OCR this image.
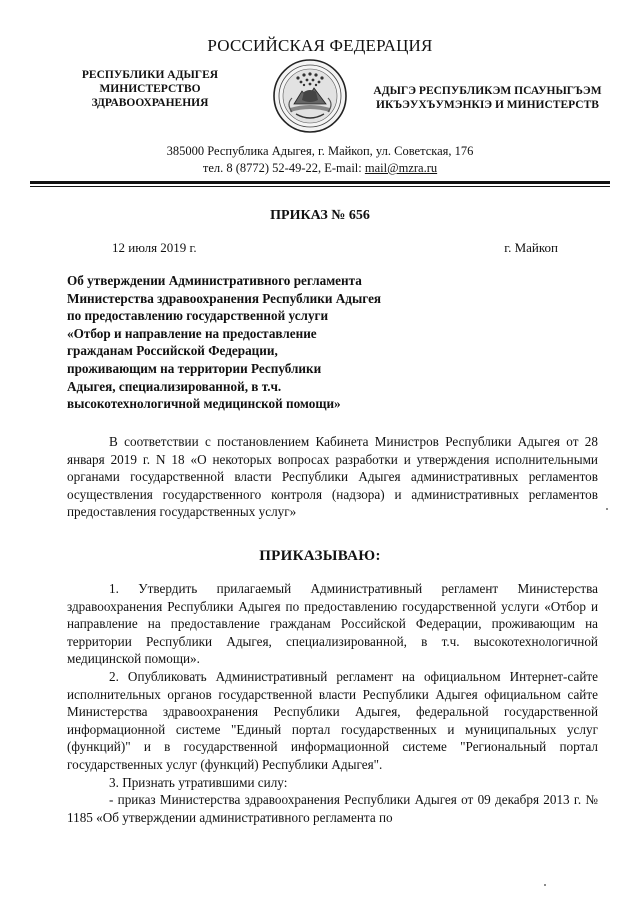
РОССИЙСКАЯ ФЕДЕРАЦИЯ
РЕСПУБЛИКИ АДЫГЕЯ
МИНИСТЕРСТВО ЗДРАВООХРАНЕНИЯ
АДЫГЭ РЕСПУБЛИКЭМ ПСАУНЫГЪЭМ
ИКЪЭУХЪУМЭНКIЭ И МИНИСТЕРСТВ
385000 Республика Адыгея, г. Майкоп, ул. Советская, 176
тел. 8 (8772) 52-49-22, E-mail: mail@mzra.ru
ПРИКАЗ № 656
12 июля 2019 г.	г. Майкоп
Об утверждении Административного регламента
Министерства здравоохранения Республики Адыгея
по предоставлению государственной услуги
«Отбор и направление на предоставление
гражданам Российской Федерации,
проживающим на территории Республики
Адыгея, специализированной, в т.ч.
высокотехнологичной медицинской помощи»
В соответствии с постановлением Кабинета Министров Республики Адыгея от 28 января 2019 г. N 18 «О некоторых вопросах разработки и утверждения исполнительными органами государственной власти Республики Адыгея административных регламентов осуществления государственного контроля (надзора) и административных регламентов предоставления государственных услуг»
ПРИКАЗЫВАЮ:

1. Утвердить прилагаемый Административный регламент Министерства здравоохранения Республики Адыгея по предоставлению государственной услуги «Отбор и направление на предоставление гражданам Российской Федерации, проживающим на территории Республики Адыгея, специализированной, в т.ч. высокотехнологичной медицинской помощи».

2. Опубликовать Административный регламент на официальном Интернет-сайте исполнительных органов государственной власти Республики Адыгея официальном сайте Министерства здравоохранения Республики Адыгея, федеральной государственной информационной системе "Единый портал государственных и муниципальных услуг (функций)" и в государственной информационной системе "Региональный портал государственных услуг (функций) Республики Адыгея".

3. Признать утратившими силу:

- приказ Министерства здравоохранения Республики Адыгея от 09 декабря 2013 г. № 1185 «Об утверждении административного регламента по
